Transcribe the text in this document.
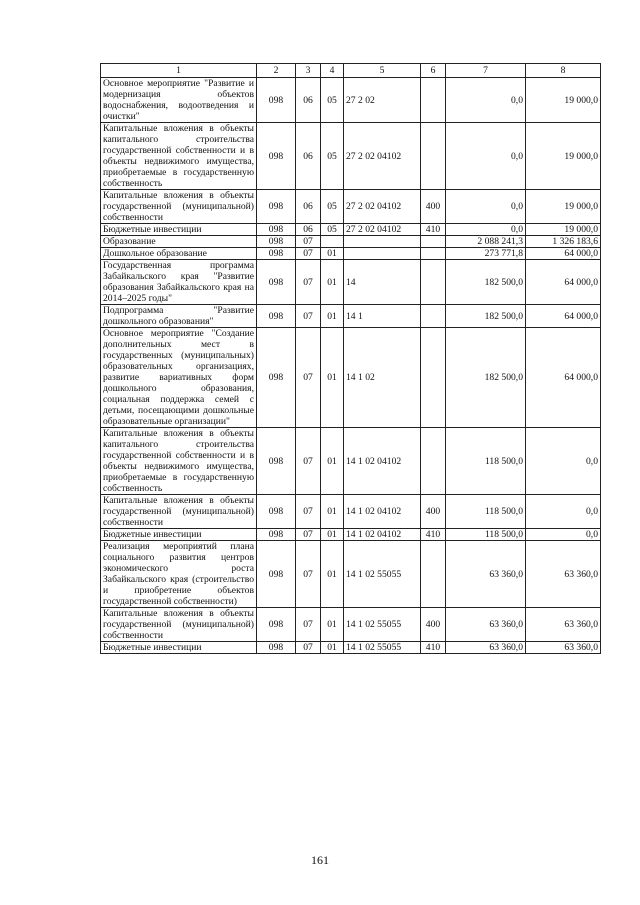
1	2	3	4	5	6	7	8
Основное мероприятие "Развитие и модернизация объектов водоснабжения, водоотведения и очистки"	098	06	05	27 2 02		0,0	19 000,0
Капитальные вложения в объекты капитального строительства государственной собственности и в объекты недвижимого имущества, приобретаемые в государственную собственность	098	06	05	27 2 02 04102		0,0	19 000,0
Капитальные вложения в объекты государственной (муниципальной) собственности	098	06	05	27 2 02 04102	400	0,0	19 000,0
Бюджетные инвестиции	098	06	05	27 2 02 04102	410	0,0	19 000,0
Образование	098	07				2 088 241,3	1 326 183,6
Дошкольное образование	098	07	01			273 771,8	64 000,0
Государственная программа Забайкальского края "Развитие образования Забайкальского края на 2014–2025 годы"	098	07	01	14		182 500,0	64 000,0
Подпрограмма "Развитие дошкольного образования"	098	07	01	14 1		182 500,0	64 000,0
Основное мероприятие "Создание дополнительных мест в государственных (муниципальных) образовательных организациях, развитие вариативных форм дошкольного образования, социальная поддержка семей с детьми, посещающими дошкольные образовательные организации"	098	07	01	14 1 02		182 500,0	64 000,0
Капитальные вложения в объекты капитального строительства государственной собственности и в объекты недвижимого имущества, приобретаемые в государственную собственность	098	07	01	14 1 02 04102		118 500,0	0,0
Капитальные вложения в объекты государственной (муниципальной) собственности	098	07	01	14 1 02 04102	400	118 500,0	0,0
Бюджетные инвестиции	098	07	01	14 1 02 04102	410	118 500,0	0,0
Реализация мероприятий плана социального развития центров экономического роста Забайкальского края (строительство и приобретение объектов государственной собственности)	098	07	01	14 1 02 55055		63 360,0	63 360,0
Капитальные вложения в объекты государственной (муниципальной) собственности	098	07	01	14 1 02 55055	400	63 360,0	63 360,0
Бюджетные инвестиции	098	07	01	14 1 02 55055	410	63 360,0	63 360,0
161
